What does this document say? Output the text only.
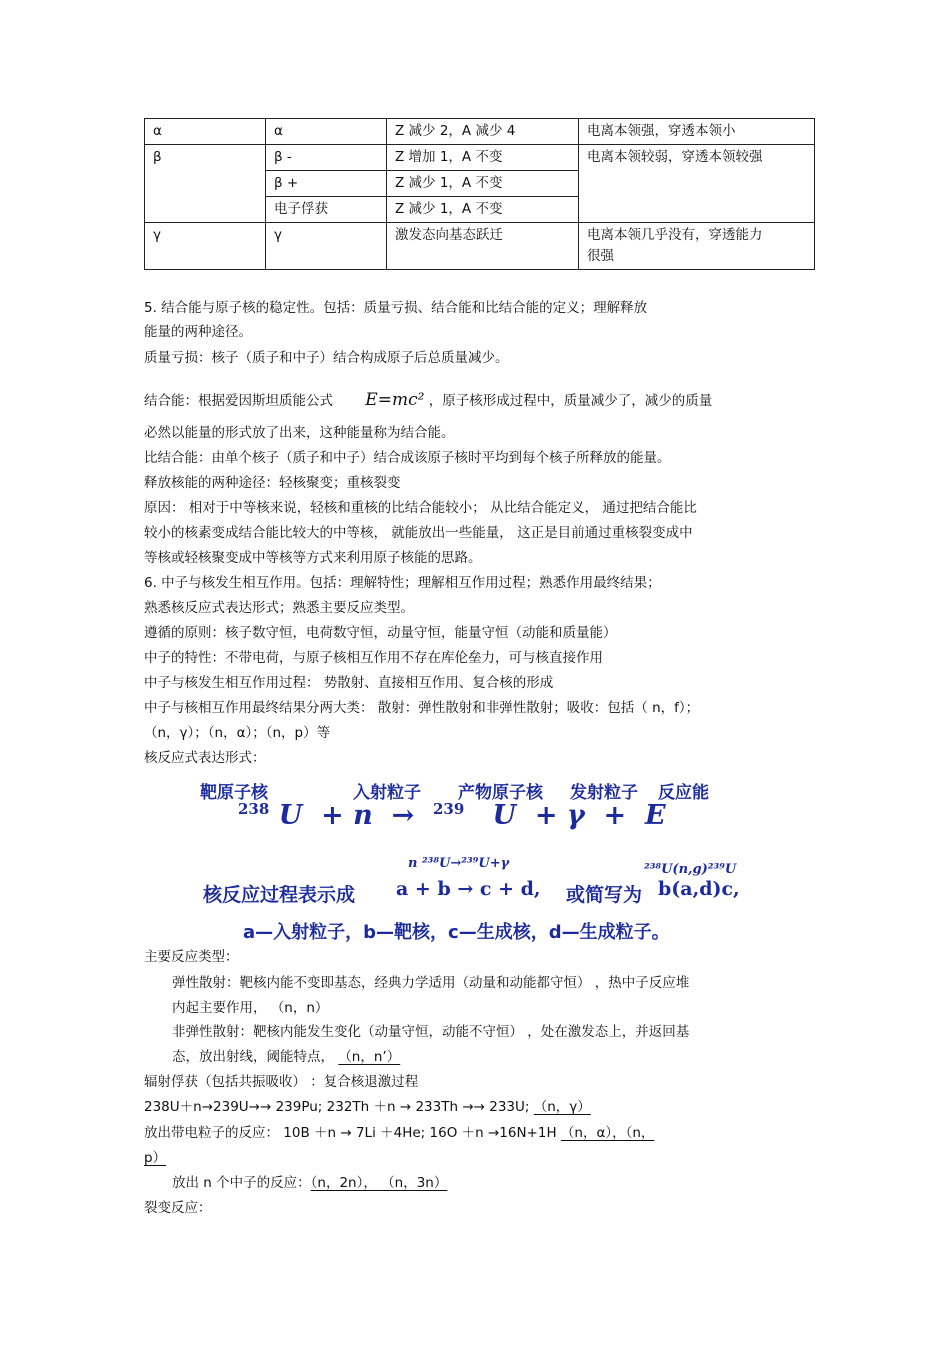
α	α	Z 减少 2，A 减少 4	电离本领强，穿透本领小
β	β -	Z 增加 1，A 不变	电离本领较弱，穿透本领较强
	β +	Z 减少 1，A 不变	
	电子俘获	Z 减少 1，A 不变	
γ	γ	激发态向基态跃迁	电离本领几乎没有，穿透能力
很强
5. 结合能与原子核的稳定性。包括：质量亏损、结合能和比结合能的定义；理解释放
能量的两种途径。
质量亏损：核子（质子和中子）结合构成原子后总质量减少。
结合能：根据爱因斯坦质能公式 E=mc² ，原子核形成过程中，质量减少了，减少的质量
必然以能量的形式放了出来，这种能量称为结合能。
比结合能：由单个核子（质子和中子）结合成该原子核时平均到每个核子所释放的能量。
释放核能的两种途径：轻核聚变；重核裂变
原因： 相对于中等核来说，轻核和重核的比结合能较小； 从比结合能定义， 通过把结合能比
较小的核素变成结合能比较大的中等核， 就能放出一些能量， 这正是目前通过重核裂变成中
等核或轻核聚变成中等核等方式来利用原子核能的思路。
6. 中子与核发生相互作用。包括：理解特性；理解相互作用过程；熟悉作用最终结果；
熟悉核反应式表达形式；熟悉主要反应类型。
遵循的原则：核子数守恒，电荷数守恒，动量守恒，能量守恒（动能和质量能）
中子的特性：不带电荷，与原子核相互作用不存在库伦垒力，可与核直接作用
中子与核发生相互作用过程： 势散射、直接相互作用、复合核的形成
中子与核相互作用最终结果分两大类： 散射：弹性散射和非弹性散射；吸收：包括（ n，f）；
（n，γ）；（n，α）；（n，p）等
核反应式表达形式：
靶原子核	入射粒子 产物原子核 发射粒子 反应能
$^{238}$ U + n → $^{239}$ U + γ + E
n ²³⁸U→²³⁹U+γ	²³⁸U(n,g)²³⁹U
核反应过程表示成 a + b → c + d, 或简写为 b(a,d)c,
a—入射粒子，b—靶核，c—生成核，d—生成粒子。
主要反应类型：
弹性散射：靶核内能不变即基态，经典力学适用（动量和动能都守恒） ，热中子反应堆
内起主要作用， （n，n）
非弹性散射：靶核内能发生变化（动量守恒，动能不守恒） ，处在激发态上，并返回基
态，放出射线，阈能特点， （n，n’）
辐射俘获（包括共振吸收） ：复合核退激过程
238U＋n→239U→→ 239Pu; 232Th ＋n → 233Th →→ 233U; （n，γ）
放出带电粒子的反应： 10B ＋n → 7Li ＋4He; 16O ＋n →16N+1H （n，α），（n，
p）
放出 n 个中子的反应：（n，2n）， （n，3n）
裂变反应：
